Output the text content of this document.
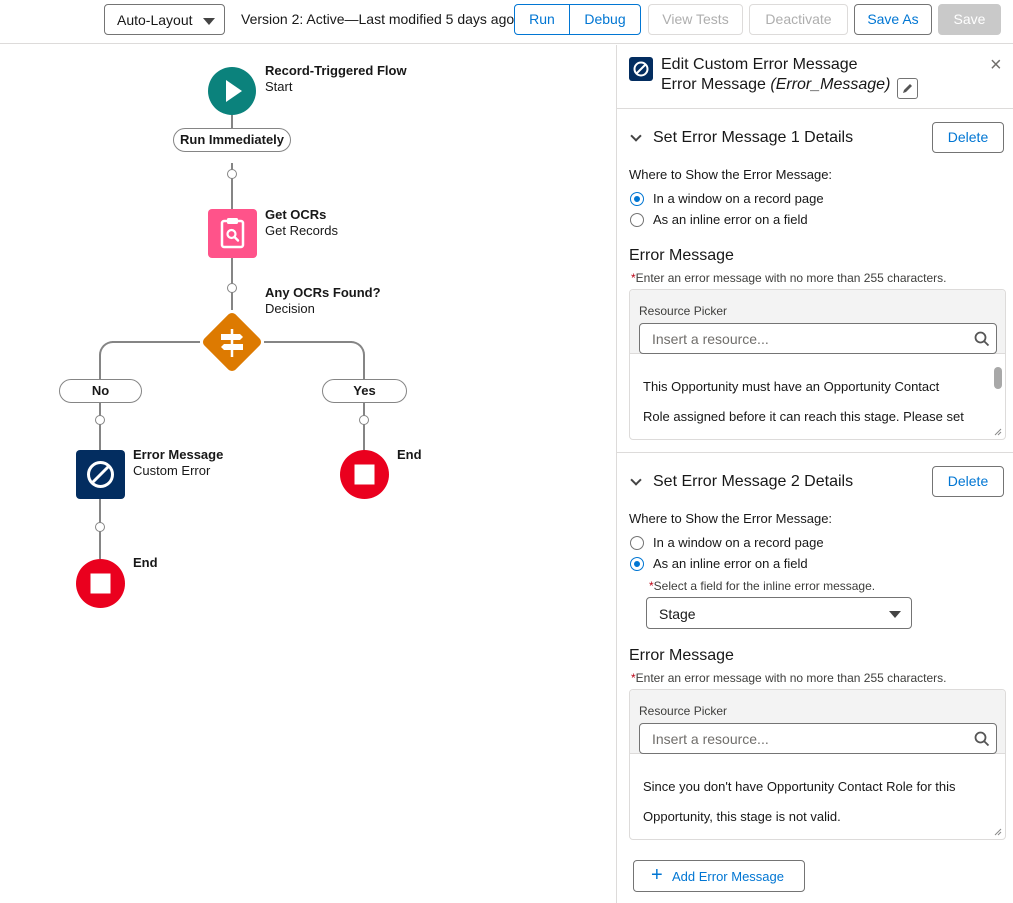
Auto-Layout	Version 2: Active—Last modified 5 days ago	Run	Debug	View Tests	Deactivate	Save As	Save
Record-Triggered Flow
Start
Run Immediately
Get OCRs
Get Records
Any OCRs Found?
Decision
No	Yes
Error Message
Custom Error
End
End
Edit Custom Error Message
Error Message (Error_Message)
×
Set Error Message 1 Details	Delete
Where to Show the Error Message:
In a window on a record page
As an inline error on a field
Error Message
*Enter an error message with no more than 255 characters.
Resource Picker
Insert a resource...
This Opportunity must have an Opportunity Contact
Role assigned before it can reach this stage. Please set
Set Error Message 2 Details	Delete
Where to Show the Error Message:
In a window on a record page
As an inline error on a field
*Select a field for the inline error message.
Stage
Error Message
*Enter an error message with no more than 255 characters.
Resource Picker
Insert a resource...
Since you don't have Opportunity Contact Role for this
Opportunity, this stage is not valid.
+ Add Error Message
